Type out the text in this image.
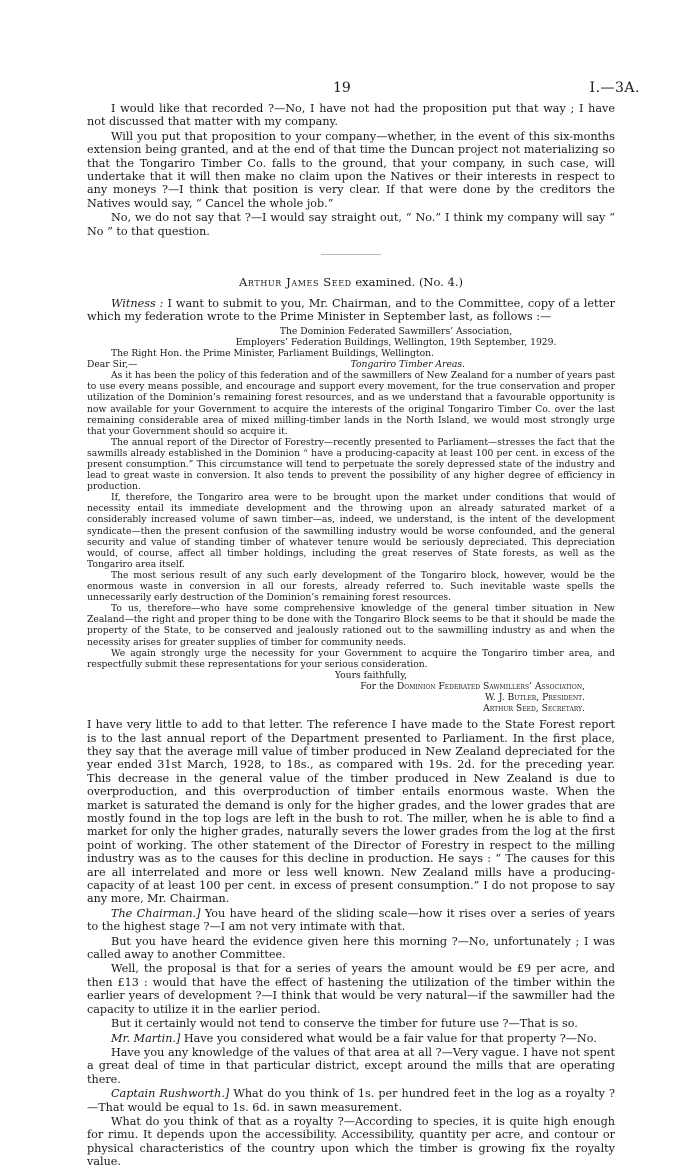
19	I.—3A.

I would like that recorded ?—No, I have not had the proposition put that way ; I have not discussed that matter with my company.

Will you put that proposition to your company—whether, in the event of this six-months extension being granted, and at the end of that time the Duncan project not materializing so that the Tongariro Timber Co. falls to the ground, that your company, in such case, will undertake that it will then make no claim upon the Natives or their interests in respect to any moneys ?—I think that position is very clear. If that were done by the creditors the Natives would say, “ Cancel the whole job.”

No, we do not say that ?—I would say straight out, “ No.” I think my company will say “ No ” to that question.

Arthur James Seed examined. (No. 4.)

Witness : I want to submit to you, Mr. Chairman, and to the Committee, copy of a letter which my federation wrote to the Prime Minister in September last, as follows :—

The Dominion Federated Sawmillers’ Association,
Employers’ Federation Buildings, Wellington, 19th September, 1929.
The Right Hon. the Prime Minister, Parliament Buildings, Wellington.
Dear Sir,—	Tongariro Timber Areas.

As it has been the policy of this federation and of the sawmillers of New Zealand for a number of years past to use every means possible, and encourage and support every movement, for the true conservation and proper utilization of the Dominion’s remaining forest resources, and as we understand that a favourable opportunity is now available for your Government to acquire the interests of the original Tongariro Timber Co. over the last remaining considerable area of mixed milling-timber lands in the North Island, we would most strongly urge that your Government should so acquire it.

The annual report of the Director of Forestry—recently presented to Parliament—stresses the fact that the sawmills already established in the Dominion “ have a producing-capacity at least 100 per cent. in excess of the present consumption.” This circumstance will tend to perpetuate the sorely depressed state of the industry and lead to great waste in conversion. It also tends to prevent the possibility of any higher degree of efficiency in production.

If, therefore, the Tongariro area were to be brought upon the market under conditions that would of necessity entail its immediate development and the throwing upon an already saturated market of a considerably increased volume of sawn timber—as, indeed, we understand, is the intent of the development syndicate—then the present confusion of the sawmilling industry would be worse confounded, and the general security and value of standing timber of whatever tenure would be seriously depreciated. This depreciation would, of course, affect all timber holdings, including the great reserves of State forests, as well as the Tongariro area itself.

The most serious result of any such early development of the Tongariro block, however, would be the enormous waste in conversion in all our forests, already referred to. Such inevitable waste spells the unnecessarily early destruction of the Dominion’s remaining forest resources.

To us, therefore—who have some comprehensive knowledge of the general timber situation in New Zealand—the right and proper thing to be done with the Tongariro Block seems to be that it should be made the property of the State, to be conserved and jealously rationed out to the sawmilling industry as and when the necessity arises for greater supplies of timber for community needs.

We again strongly urge the necessity for your Government to acquire the Tongariro timber area, and respectfully submit these representations for your serious consideration.

Yours faithfully,
For the Dominion Federated Sawmillers’ Association,
W. J. Butler, President.
Arthur Seed, Secretary.

I have very little to add to that letter. The reference I have made to the State Forest report is to the last annual report of the Department presented to Parliament. In the first place, they say that the average mill value of timber produced in New Zealand depreciated for the year ended 31st March, 1928, to 18s., as compared with 19s. 2d. for the preceding year. This decrease in the general value of the timber produced in New Zealand is due to overproduction, and this overproduction of timber entails enormous waste. When the market is saturated the demand is only for the higher grades, and the lower grades that are mostly found in the top logs are left in the bush to rot. The miller, when he is able to find a market for only the higher grades, naturally severs the lower grades from the log at the first point of working. The other statement of the Director of Forestry in respect to the milling industry was as to the causes for this decline in production. He says : “ The causes for this are all interrelated and more or less well known. New Zealand mills have a producing-capacity of at least 100 per cent. in excess of present consumption.” I do not propose to say any more, Mr. Chairman.

The Chairman.] You have heard of the sliding scale—how it rises over a series of years to the highest stage ?—I am not very intimate with that.

But you have heard the evidence given here this morning ?—No, unfortunately ; I was called away to another Committee.

Well, the proposal is that for a series of years the amount would be £9 per acre, and then £13 : would that have the effect of hastening the utilization of the timber within the earlier years of development ?—I think that would be very natural—if the sawmiller had the capacity to utilize it in the earlier period.

But it certainly would not tend to conserve the timber for future use ?—That is so.

Mr. Martin.] Have you considered what would be a fair value for that property ?—No.

Have you any knowledge of the values of that area at all ?—Very vague. I have not spent a great deal of time in that particular district, except around the mills that are operating there.

Captain Rushworth.] What do you think of 1s. per hundred feet in the log as a royalty ?—That would be equal to 1s. 6d. in sawn measurement.

What do you think of that as a royalty ?—According to species, it is quite high enough for rimu. It depends upon the accessibility. Accessibility, quantity per acre, and contour or physical characteristics of the country upon which the timber is growing fix the royalty value.
